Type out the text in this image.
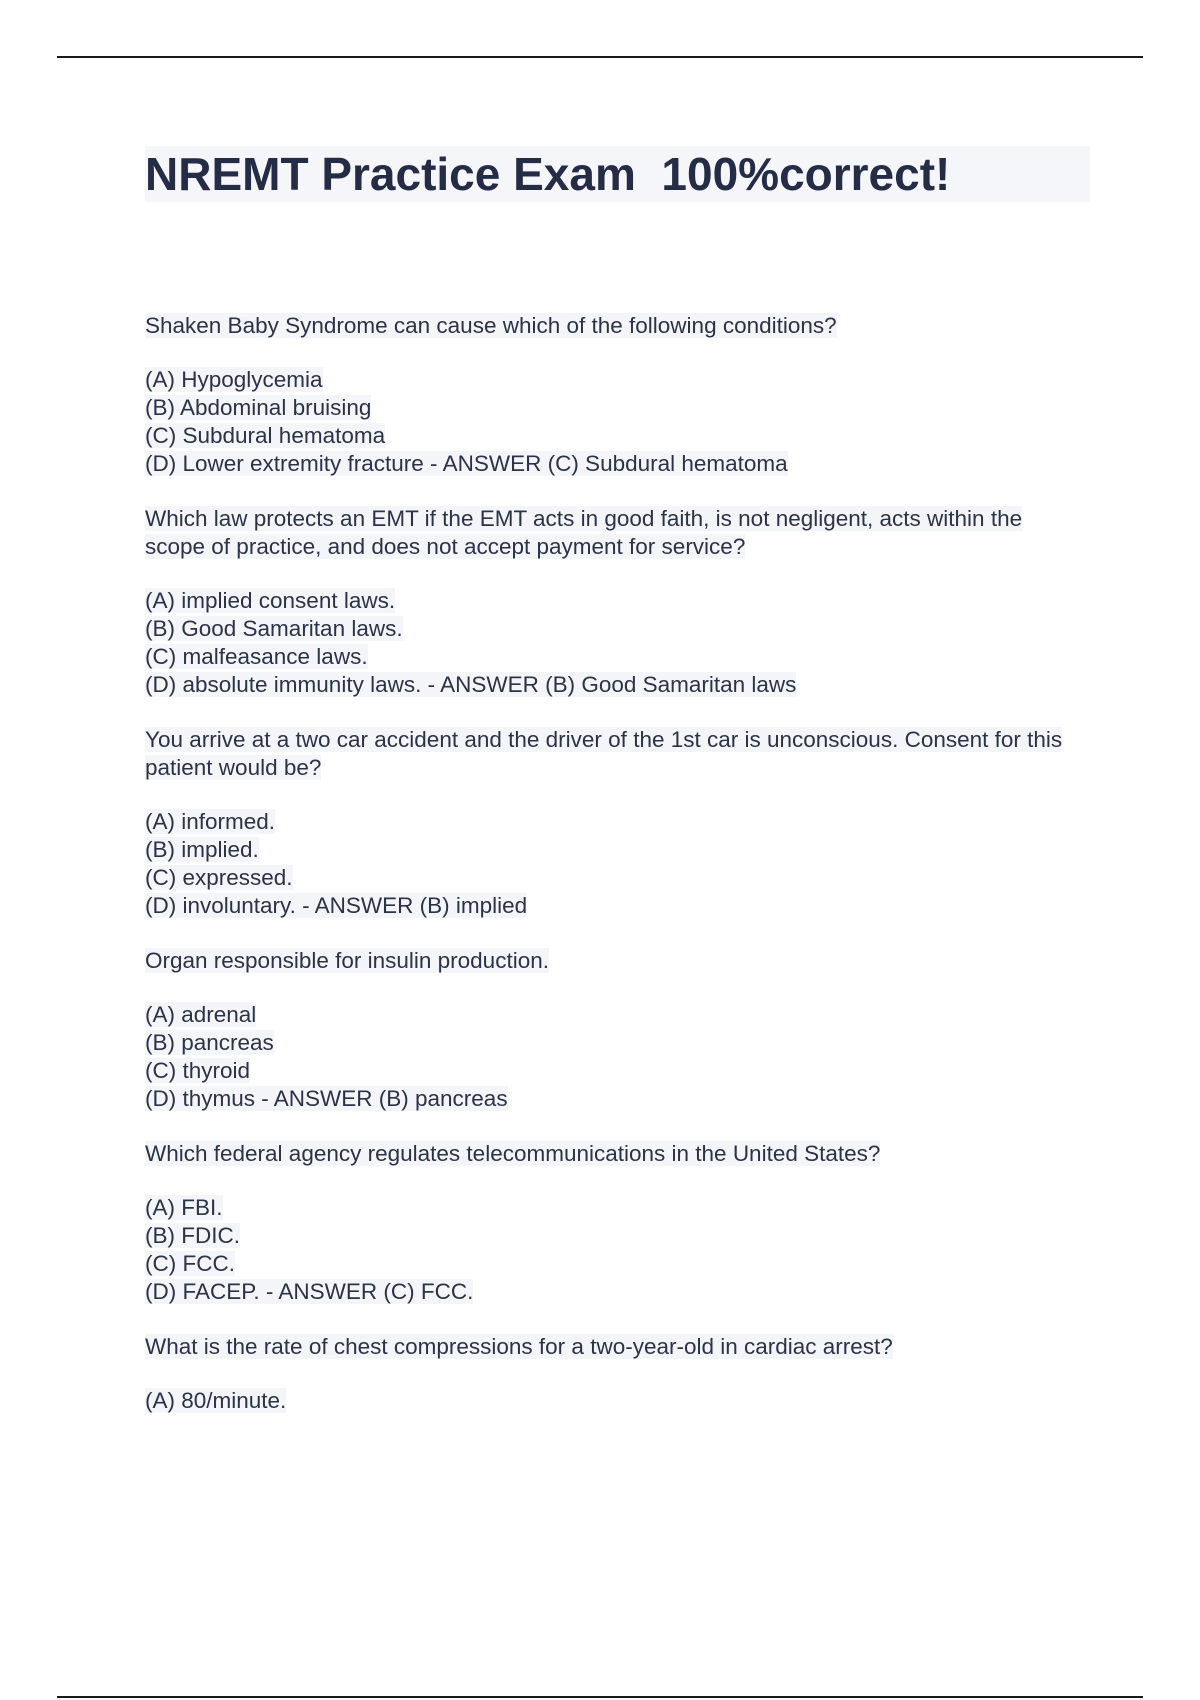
NREMT Practice Exam  100%correct!

Shaken Baby Syndrome can cause which of the following conditions?

(A) Hypoglycemia
(B) Abdominal bruising
(C) Subdural hematoma
(D) Lower extremity fracture - ANSWER (C) Subdural hematoma

Which law protects an EMT if the EMT acts in good faith, is not negligent, acts within the scope of practice, and does not accept payment for service?

(A) implied consent laws.
(B) Good Samaritan laws.
(C) malfeasance laws.
(D) absolute immunity laws. - ANSWER (B) Good Samaritan laws

You arrive at a two car accident and the driver of the 1st car is unconscious. Consent for this patient would be?

(A) informed.
(B) implied.
(C) expressed.
(D) involuntary. - ANSWER (B) implied

Organ responsible for insulin production.

(A) adrenal
(B) pancreas
(C) thyroid
(D) thymus - ANSWER (B) pancreas

Which federal agency regulates telecommunications in the United States?

(A) FBI.
(B) FDIC.
(C) FCC.
(D) FACEP. - ANSWER (C) FCC.

What is the rate of chest compressions for a two-year-old in cardiac arrest?

(A) 80/minute.
